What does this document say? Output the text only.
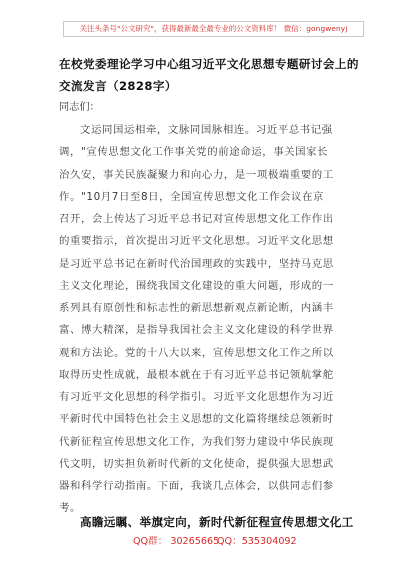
关注头条号"公文研究"，获得最新最全最专业的公文资料库！ 微信：gongwenyj
在校党委理论学习中心组习近平文化思想专题研讨会上的交流发言（2828字）
同志们：
文运同国运相牵，文脉同国脉相连。习近平总书记强
调，"宣传思想文化工作事关党的前途命运，事关国家长
治久安，事关民族凝聚力和向心力，是一项极端重要的工
作。"10月7日至8日，全国宣传思想文化工作会议在京
召开，会上传达了习近平总书记对宣传思想文化工作作出
的重要指示，首次提出习近平文化思想。习近平文化思想
是习近平总书记在新时代治国理政的实践中，坚持马克思
主义文化理论，围绕我国文化建设的重大问题，形成的一
系列具有原创性和标志性的新思想新观点新论断，内涵丰
富、博大精深，是指导我国社会主义文化建设的科学世界
观和方法论。党的十八大以来，宣传思想文化工作之所以
取得历史性成就，最根本就在于有习近平总书记领航掌舵
有习近平文化思想的科学指引。习近平文化思想作为习近
平新时代中国特色社会主义思想的文化篇将继续总领新时
代新征程宣传思想文化工作，为我们努力建设中华民族现
代文明，切实担负新时代新的文化使命，提供强大思想武
器和科学行动指南。下面，我谈几点体会，以供同志们参
考。
高瞻远瞩、举旗定向，新时代新征程宣传思想文化工
QQ群： 30265665
QQ：535304092
